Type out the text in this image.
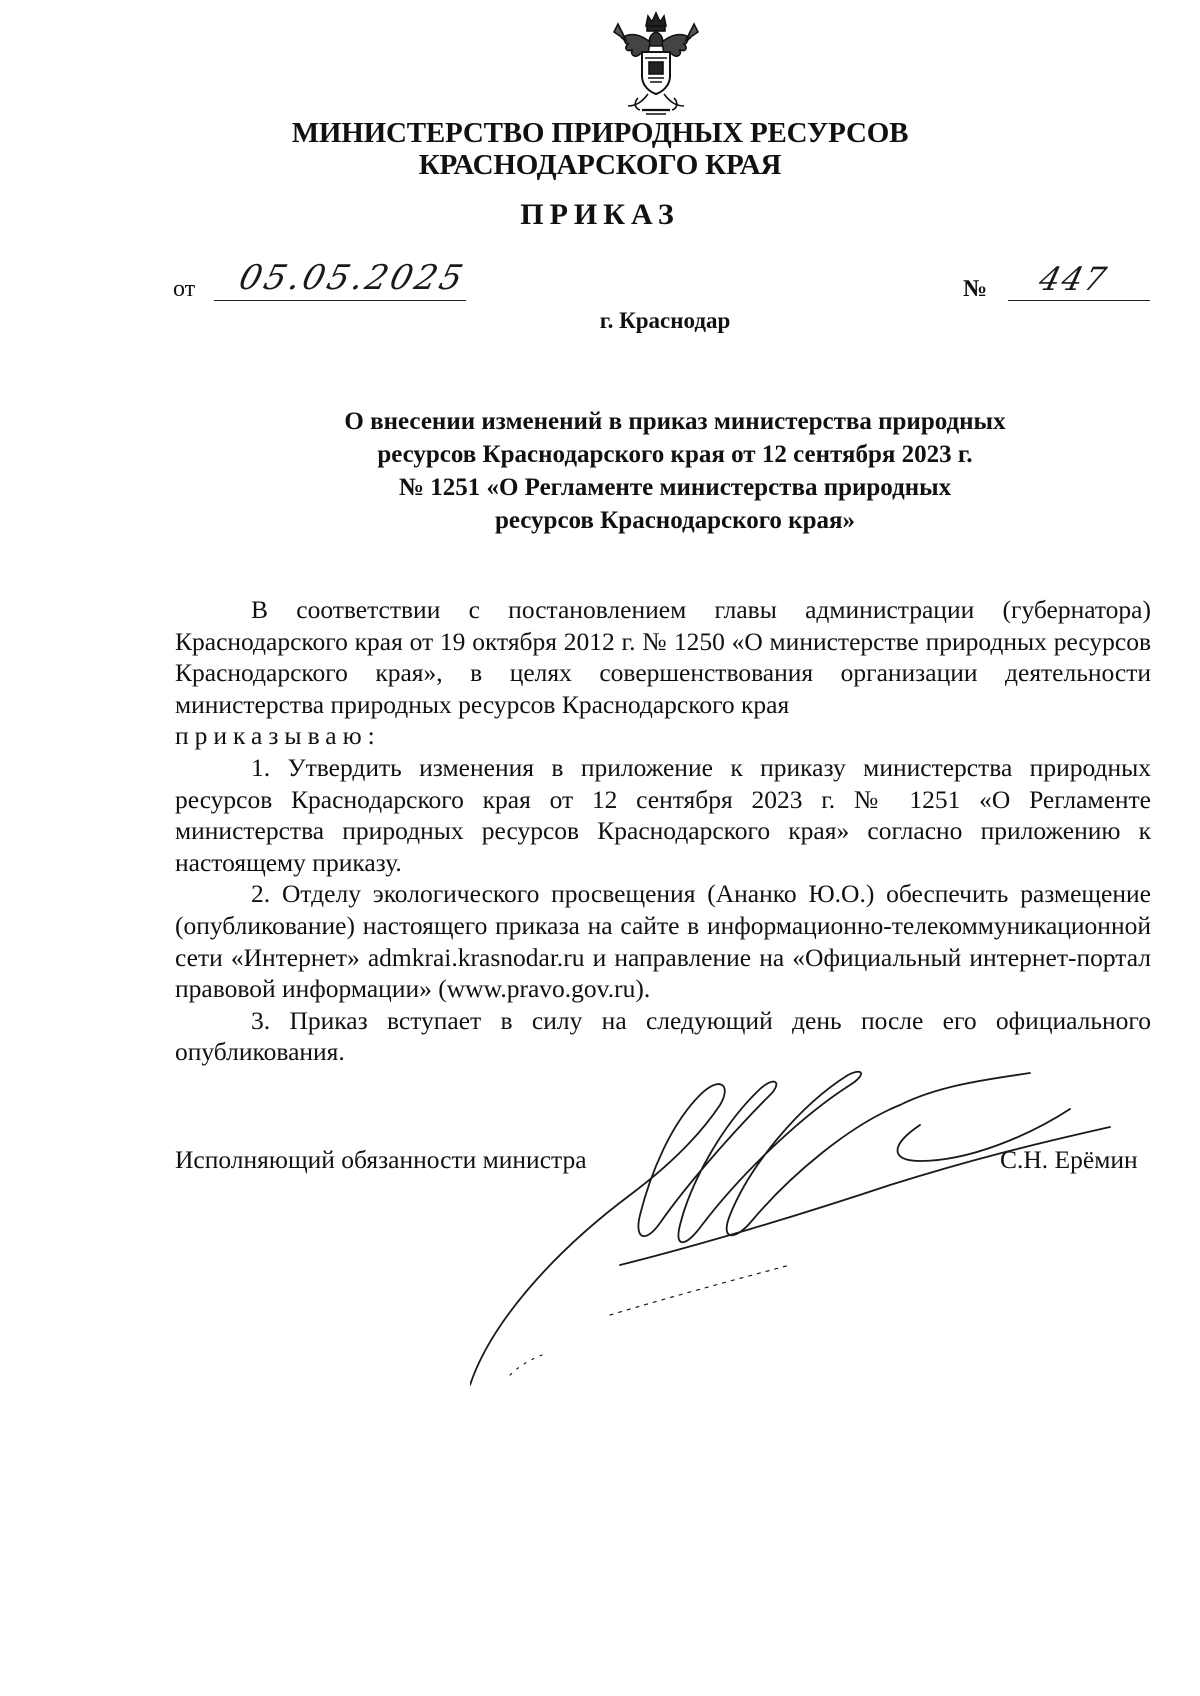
МИНИСТЕРСТВО ПРИРОДНЫХ РЕСУРСОВ
КРАСНОДАРСКОГО КРАЯ
ПРИКАЗ
от 05.05.2025	№ 447
г. Краснодар
О внесении изменений в приказ министерства природных
ресурсов Краснодарского края от 12 сентября 2023 г.
№ 1251 «О Регламенте министерства природных
ресурсов Краснодарского края»

В соответствии с постановлением главы администрации (губернатора) Краснодарского края от 19 октября 2012 г. № 1250 «О министерстве природных ресурсов Краснодарского края», в целях совершенствования организации деятельности министерства природных ресурсов Краснодарского края

приказываю:

1. Утвердить изменения в приложение к приказу министерства природных ресурсов Краснодарского края от 12 сентября 2023 г. № 1251 «О Регламенте министерства природных ресурсов Краснодарского края» согласно приложению к настоящему приказу.

2. Отделу экологического просвещения (Ананко Ю.О.) обеспечить размещение (опубликование) настоящего приказа на сайте в информационно-телекоммуникационной сети «Интернет» admkrai.krasnodar.ru и направление на «Официальный интернет-портал правовой информации» (www.pravo.gov.ru).

3. Приказ вступает в силу на следующий день после его официального опубликования.

Исполняющий обязанности министра	С.Н. Ерёмин
